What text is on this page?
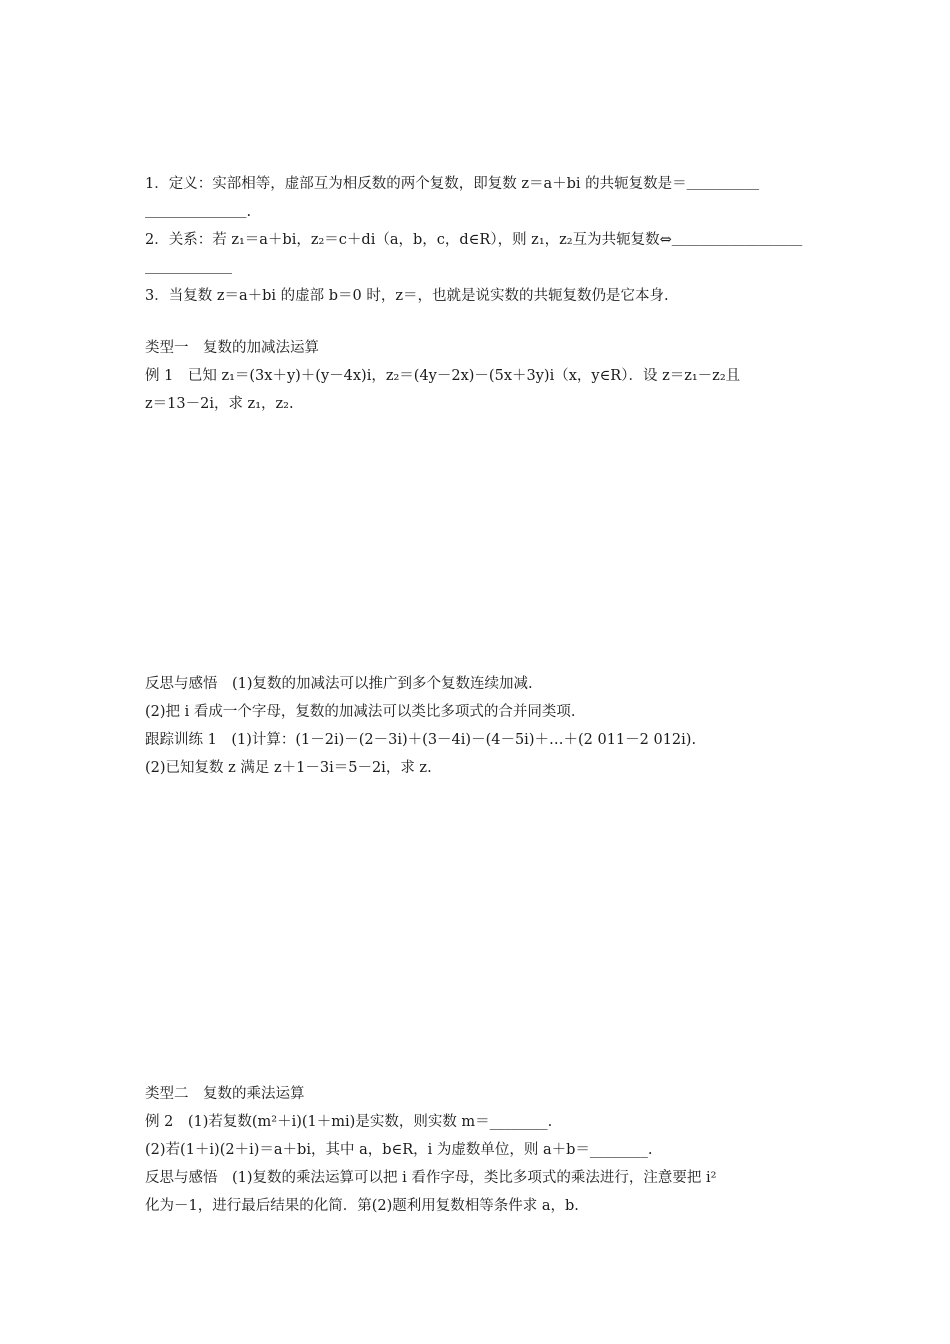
1．定义：实部相等，虚部互为相反数的两个复数，即复数 z＝a＋bi 的共轭复数是＝＿＿＿＿＿
＿＿＿＿＿＿＿.
2．关系：若 z₁＝a＋bi，z₂＝c＋di（a，b，c，d∈R），则 z₁，z₂互为共轭复数⇔＿＿＿＿＿＿＿＿＿
＿＿＿＿＿＿
3．当复数 z＝a＋bi 的虚部 b＝0 时，z＝，也就是说实数的共轭复数仍是它本身.
类型一　复数的加减法运算
例 1　已知 z₁＝(3x＋y)＋(y－4x)i，z₂＝(4y－2x)－(5x＋3y)i（x，y∈R）．设 z＝z₁－z₂且
z＝13－2i，求 z₁，z₂.
反思与感悟　(1)复数的加减法可以推广到多个复数连续加减.
(2)把 i 看成一个字母，复数的加减法可以类比多项式的合并同类项.
跟踪训练 1　(1)计算：(1－2i)－(2－3i)＋(3－4i)－(4－5i)＋…＋(2 011－2 012i).
(2)已知复数 z 满足 z＋1－3i＝5－2i，求 z.
类型二　复数的乘法运算
例 2　(1)若复数(m²＋i)(1＋mi)是实数，则实数 m＝________.
(2)若(1＋i)(2＋i)＝a＋bi，其中 a，b∈R，i 为虚数单位，则 a＋b＝________.
反思与感悟　(1)复数的乘法运算可以把 i 看作字母，类比多项式的乘法进行，注意要把 i²
化为－1，进行最后结果的化简．第(2)题利用复数相等条件求 a，b.
